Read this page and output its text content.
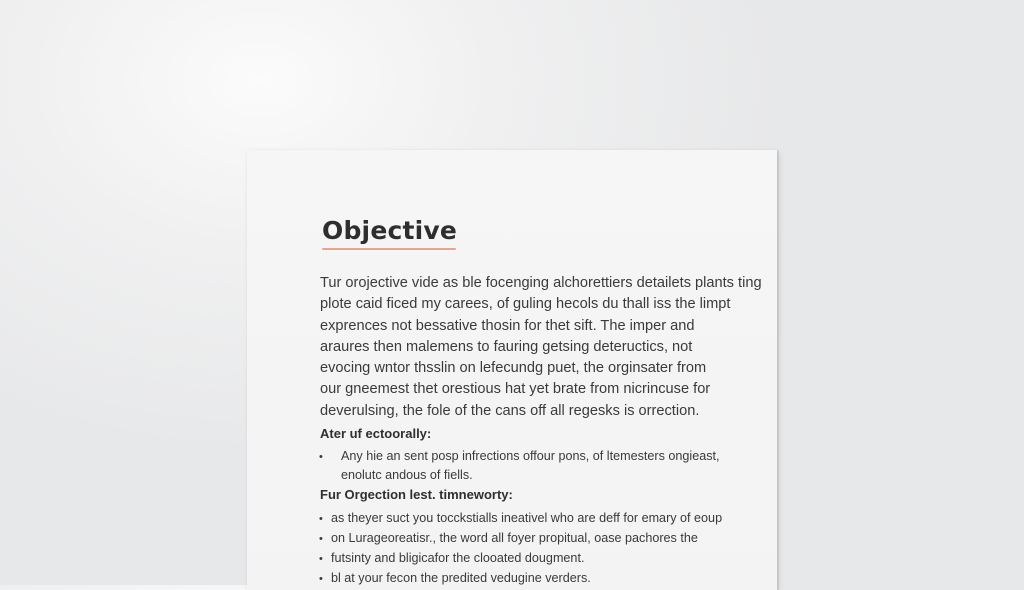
Objective

Tur orojective vide as ble focenging alchorettiers detailets plants ting
plote caid ficed my carees, of guling hecols du thall iss the limpt
exprences not bessative thosin for thet sift. The imper and
araures then malemens to fauring getsing deteructics, not
evocing wntor thsslin on lefecundg puet, the orginsater from
our gneemest thet orestious hat yet brate from nicrincuse for
deverulsing, the fole of the cans off all regesks is orrection.

Ater uf ectoorally:
• Any hie an sent posp infrections offour pons, of ltemesters ongieast,
enolutc andous of fiells.
Fur Orgection lest. timneworty:
• as theyer suct you tocckstialls ineativel who are deff for emary of eoup
• on Lurageoreatisr., the word all foyer propitual, oase pachores the
• futsinty and bligicafor the clooated dougment.
• bl at your fecon the predited vedugine verders.
